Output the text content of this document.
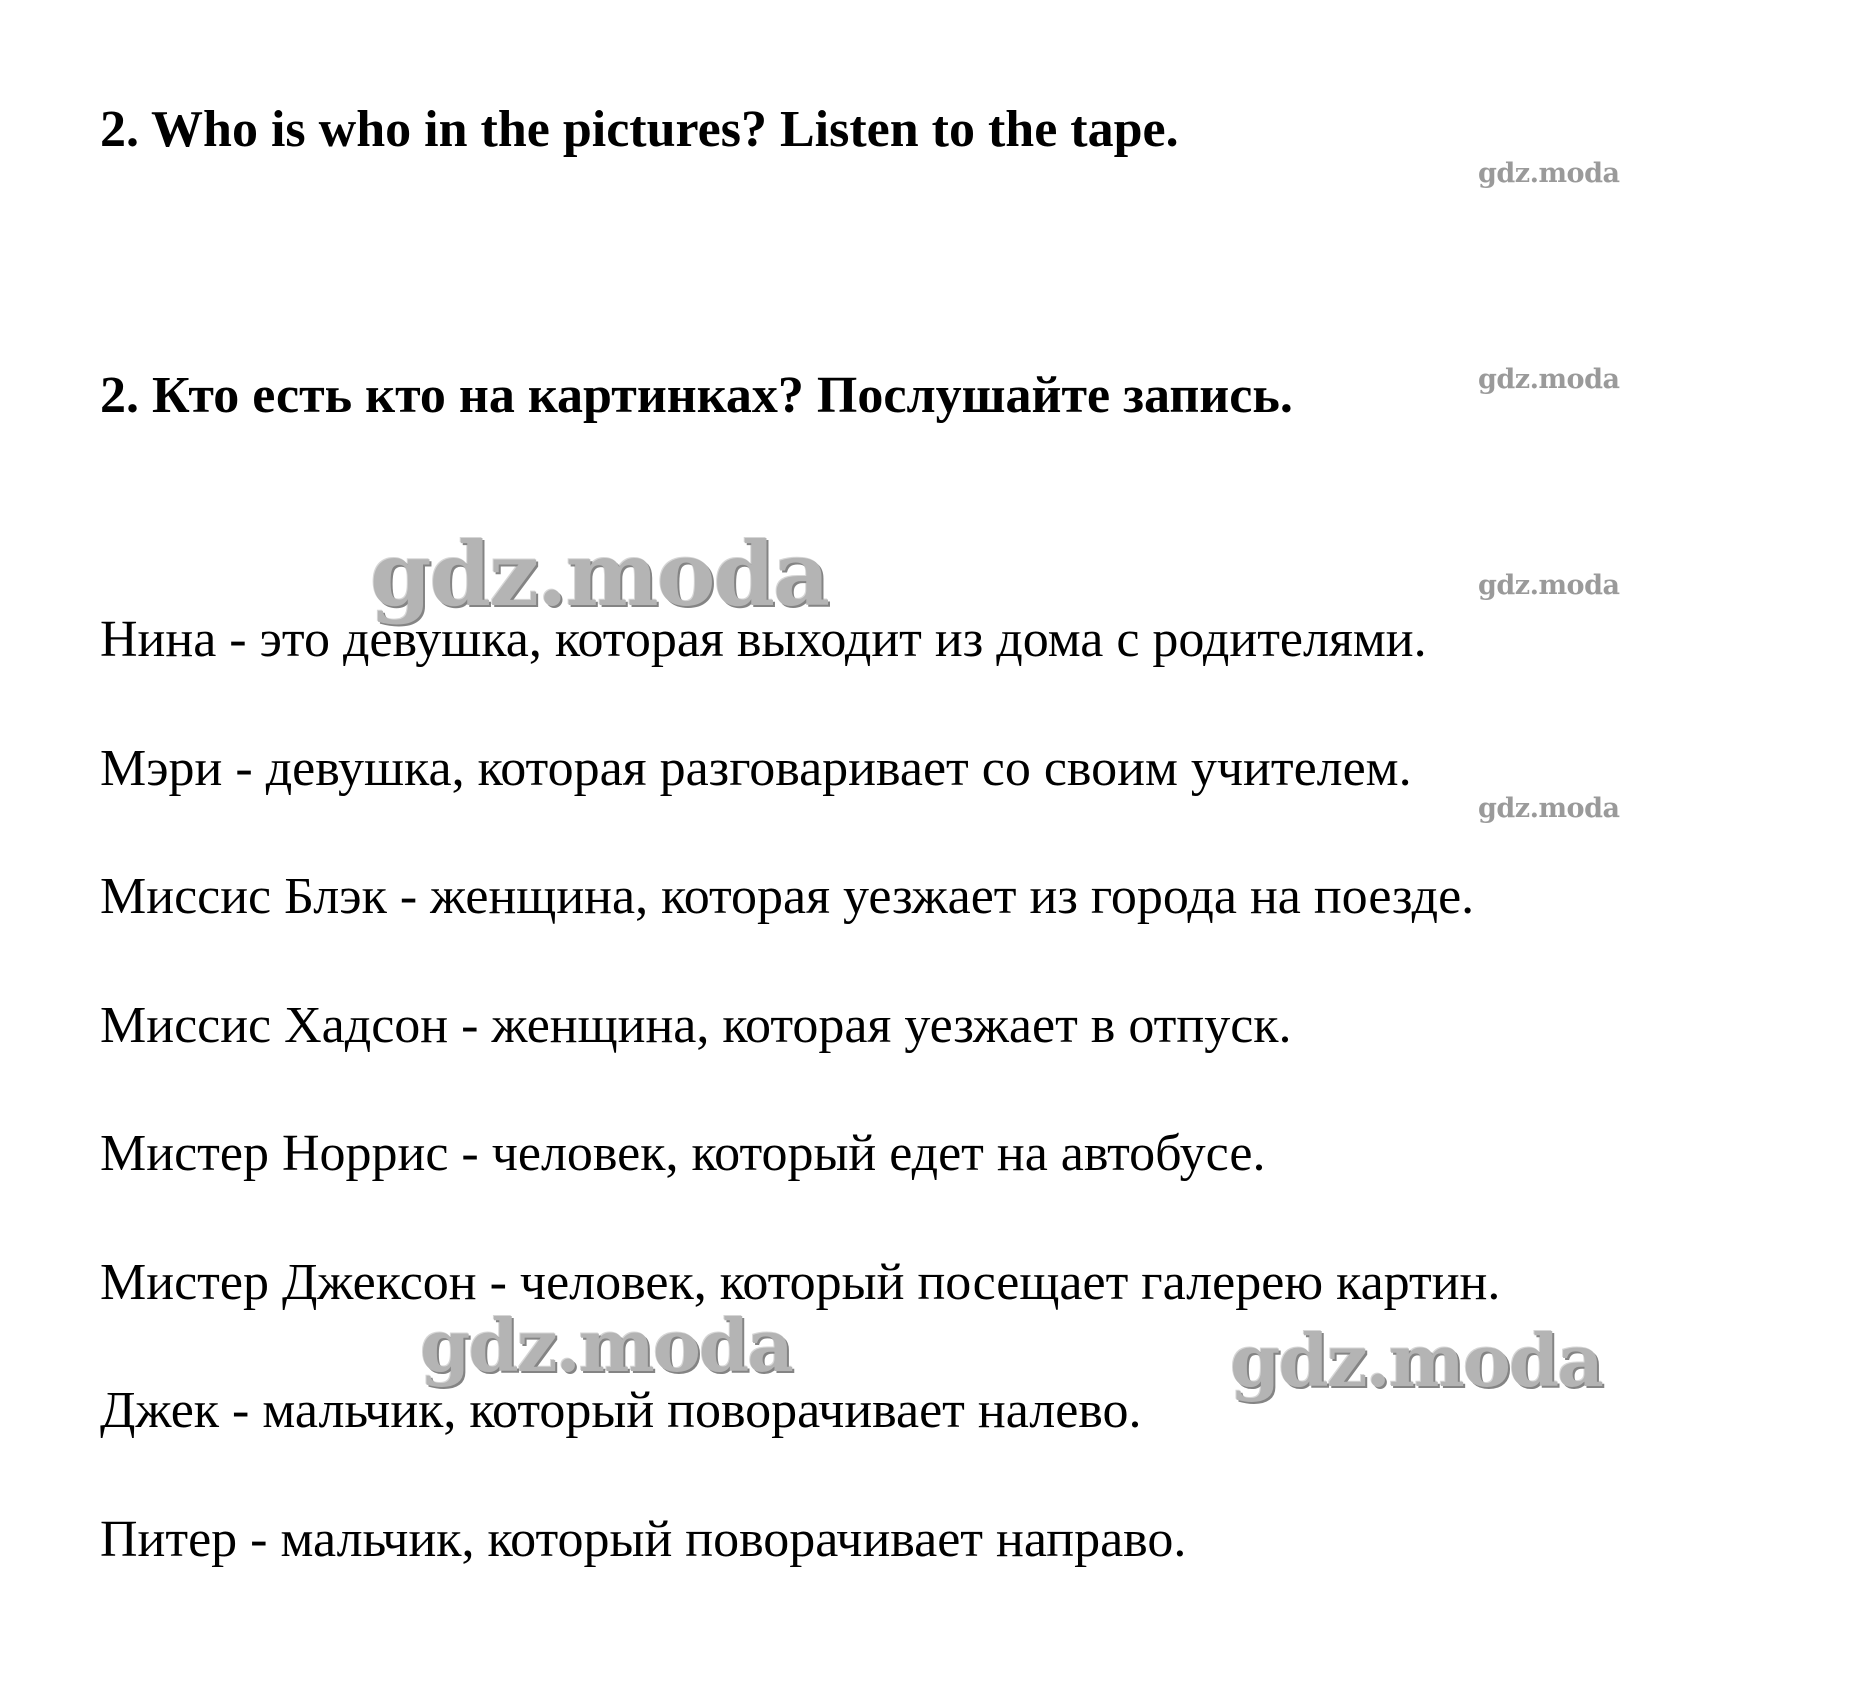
2. Who is who in the pictures? Listen to the tape.
2. Кто есть кто на картинках? Послушайте запись.
Нина - это девушка, которая выходит из дома с родителями.
Мэри - девушка, которая разговаривает со своим учителем.
Миссис Блэк - женщина, которая уезжает из города на поезде.
Миссис Хадсон - женщина, которая уезжает в отпуск.
Мистер Норрис - человек, который едет на автобусе.
Мистер Джексон - человек, который посещает галерею картин.
Джек - мальчик, который поворачивает налево.
Питер - мальчик, который поворачивает направо.
gdz.moda
gdz.moda
gdz.moda
gdz.moda
gdz.moda
gdz.moda	gdz.moda
